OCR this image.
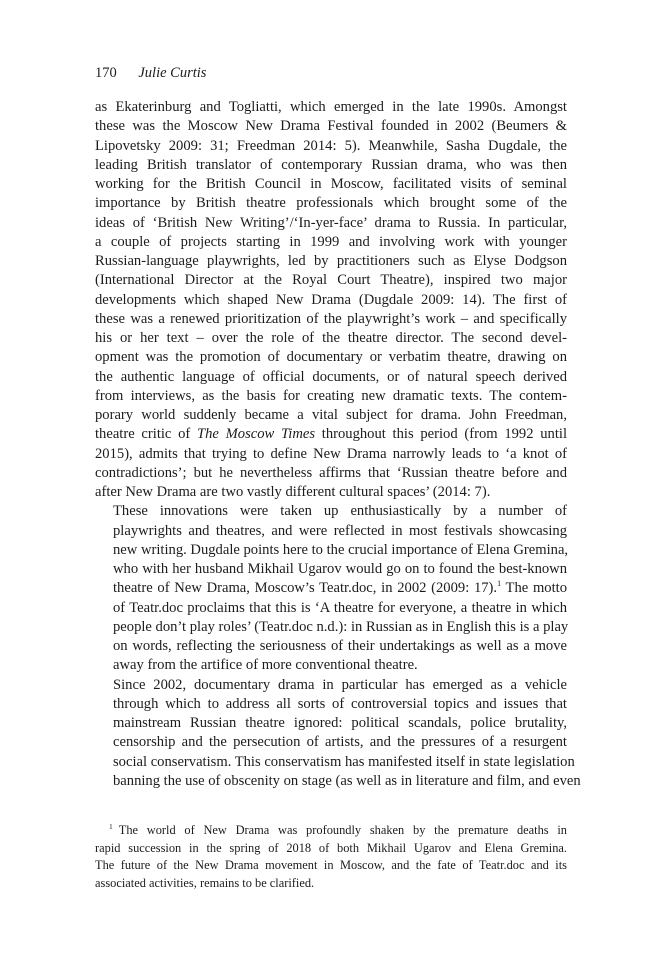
170 Julie Curtis

as Ekaterinburg and Togliatti, which emerged in the late 1990s. Amongst
these was the Moscow New Drama Festival founded in 2002 (Beumers &
Lipovetsky 2009: 31; Freedman 2014: 5). Meanwhile, Sasha Dugdale, the
leading British translator of contemporary Russian drama, who was then
working for the British Council in Moscow, facilitated visits of seminal
importance by British theatre professionals which brought some of the
ideas of ‘British New Writing’/‘In-yer-face’ drama to Russia. In particular,
a couple of projects starting in 1999 and involving work with younger
Russian-language playwrights, led by practitioners such as Elyse Dodgson
(International Director at the Royal Court Theatre), inspired two major
developments which shaped New Drama (Dugdale 2009: 14). The first of
these was a renewed prioritization of the playwright’s work – and specifically
his or her text – over the role of the theatre director. The second devel-
opment was the promotion of documentary or verbatim theatre, drawing on
the authentic language of official documents, or of natural speech derived
from interviews, as the basis for creating new dramatic texts. The contem-
porary world suddenly became a vital subject for drama. John Freedman,
theatre critic of The Moscow Times throughout this period (from 1992 until
2015), admits that trying to define New Drama narrowly leads to ‘a knot of
contradictions’; but he nevertheless affirms that ‘Russian theatre before and
after New Drama are two vastly different cultural spaces’ (2014: 7).

These innovations were taken up enthusiastically by a number of
playwrights and theatres, and were reflected in most festivals showcasing
new writing. Dugdale points here to the crucial importance of Elena Gremina,
who with her husband Mikhail Ugarov would go on to found the best-known
theatre of New Drama, Moscow’s Teatr.doc, in 2002 (2009: 17).$^1$ The motto
of Teatr.doc proclaims that this is ‘A theatre for everyone, a theatre in which
people don’t play roles’ (Teatr.doc n.d.): in Russian as in English this is a play
on words, reflecting the seriousness of their undertakings as well as a move
away from the artifice of more conventional theatre.

Since 2002, documentary drama in particular has emerged as a vehicle
through which to address all sorts of controversial topics and issues that
mainstream Russian theatre ignored: political scandals, police brutality,
censorship and the persecution of artists, and the pressures of a resurgent
social conservatism. This conservatism has manifested itself in state legislation
banning the use of obscenity on stage (as well as in literature and film, and even

$^1$ The world of New Drama was profoundly shaken by the premature deaths in
rapid succession in the spring of 2018 of both Mikhail Ugarov and Elena Gremina.
The future of the New Drama movement in Moscow, and the fate of Teatr.doc and its
associated activities, remains to be clarified.
